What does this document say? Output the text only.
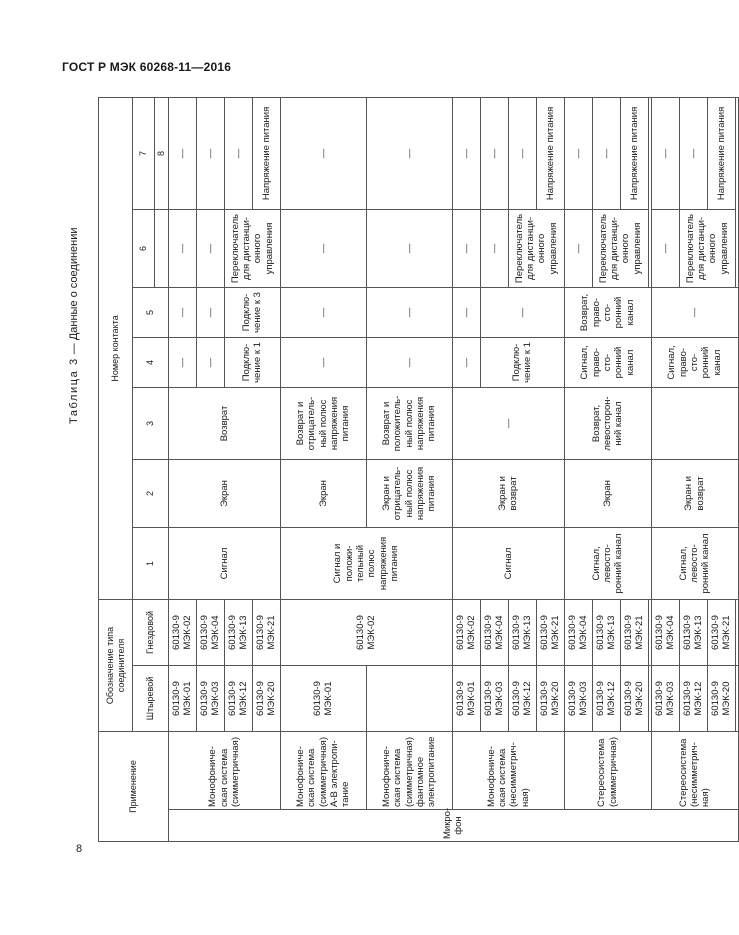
ГОСТ Р МЭК 60268-11—2016
Таблица 3 — Данные о соединении
Применение		Обозначение типа соединителя		Номер контакта						
		Штыревой	Гнездовой	1	2	3	4	5	6	7
										8
Микро-фон	Монофоничe-ская система (симметричная)	60130-9 МЭК-01	60130-9 МЭК-02	Сигнал	Экран	Возврат	—	—	—	—
		60130-9 МЭК-03	60130-9 МЭК-04				—	—	—	—
		60130-9 МЭК-12	60130-9 МЭК-13				Подклю-чение к 1	Подклю-чение к 3	Переключатель для дистанци-онного управления	—
		60130-9 МЭК-20	60130-9 МЭК-21							Напряжение питания
	Монофониче-ская система (симметричная) А-В электропи-тание	60130-9 МЭК-01	60130-9 МЭК-02	Сигнал и положи-тельный полюс напряжения питания	Экран	Возврат и отрицатель-ный полюс напряжения питания	—	—	—	—
	Монофониче-ская система (симметричная) фантомное электропитание				Экран и отрицатель-ный полюс напряжения питания	Возврат и положитель-ный полюс напряжения питания	—	—	—	—
	Монофониче-ская система (несимметрич-ная)	60130-9 МЭК-01	60130-9 МЭК-02	Сигнал	Экран и возврат	—	—	—	—	—
		60130-9 МЭК-03	60130-9 МЭК-04				Подклю-чение к 1	—	—	—
		60130-9 МЭК-12	60130-9 МЭК-13						Переключатель для дистанци-онного управления	—
		60130-9 МЭК-20	60130-9 МЭК-21							Напряжение питания
	Стереосистема (симметричная)	60130-9 МЭК-03	60130-9 МЭК-04	Сигнал, левосто-ронний канал	Экран	Возврат, левосторон-ний канал	Сигнал, право-сто-ронний канал	Возврат, право-сто-ронний канал	—	—
		60130-9 МЭК-12	60130-9 МЭК-13						Переключатель для дистанци-онного управления	—
		60130-9 МЭК-20	60130-9 МЭК-21							Напряжение питания

	Стереосистема (несимметрич-ная)	60130-9 МЭК-03	60130-9 МЭК-04	Сигнал, левосто-ронний канал	Экран и возврат		Сигнал, право-сто-ронний канал	—	—	—
		60130-9 МЭК-12	60130-9 МЭК-13						Переключатель для дистанци-онного управления	—
		60130-9 МЭК-20	60130-9 МЭК-21							Напряжение питания

8
